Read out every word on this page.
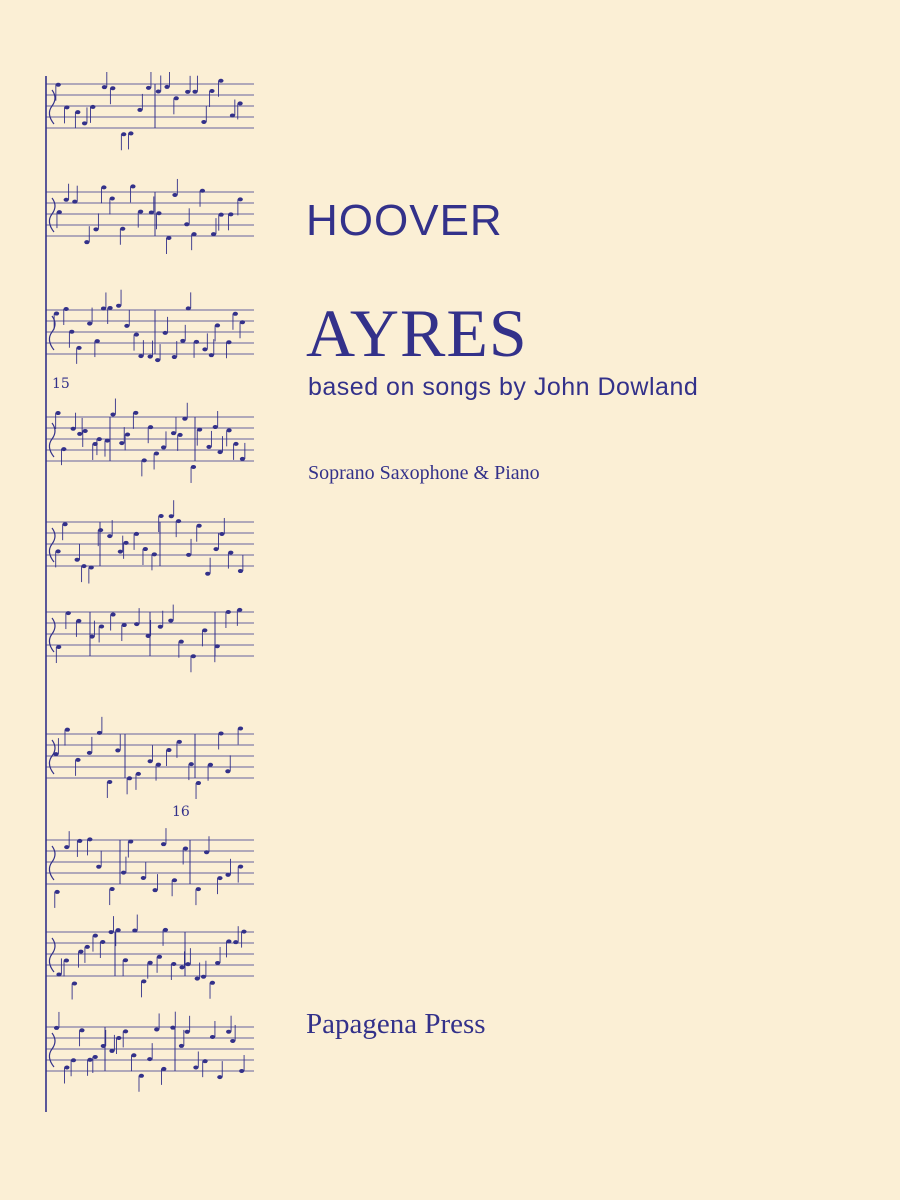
15
16
HOOVER
AYRES
based on songs by John Dowland
Soprano Saxophone & Piano
Papagena Press
